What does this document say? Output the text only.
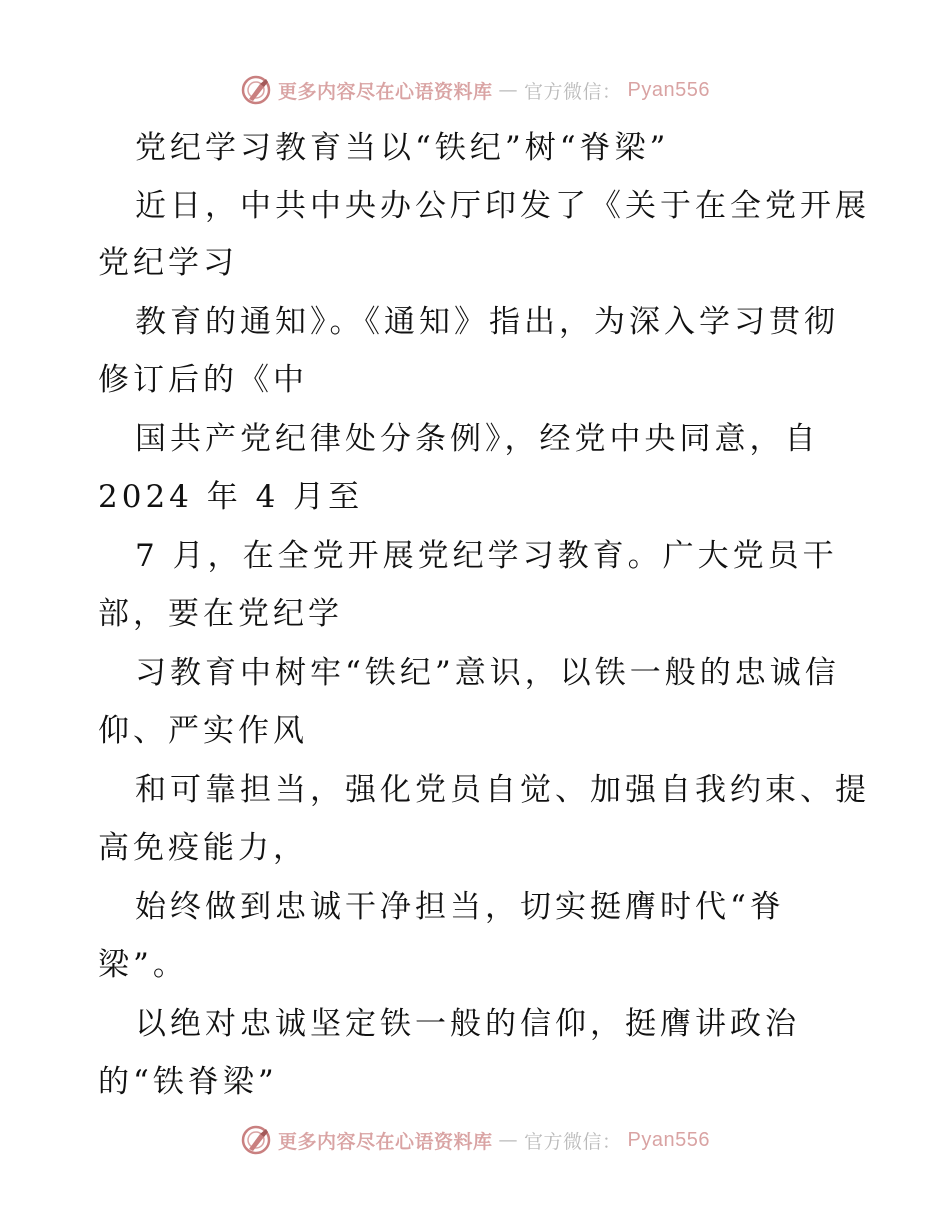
更多内容尽在心语资料库 — 官方微信： Pyan556
党纪学习教育当以“铁纪”树“脊梁”
近日，中共中央办公厅印发了《关于在全党开展
党纪学习
教育的通知》。《通知》指出，为深入学习贯彻
修订后的《中
国共产党纪律处分条例》，经党中央同意，自
2024 年 4 月至
7 月，在全党开展党纪学习教育。广大党员干
部，要在党纪学
习教育中树牢“铁纪”意识，以铁一般的忠诚信
仰、严实作风
和可靠担当，强化党员自觉、加强自我约束、提
高免疫能力，
始终做到忠诚干净担当，切实挺膺时代“脊
梁”。
以绝对忠诚坚定铁一般的信仰，挺膺讲政治
的“铁脊梁”
更多内容尽在心语资料库 — 官方微信： Pyan556
